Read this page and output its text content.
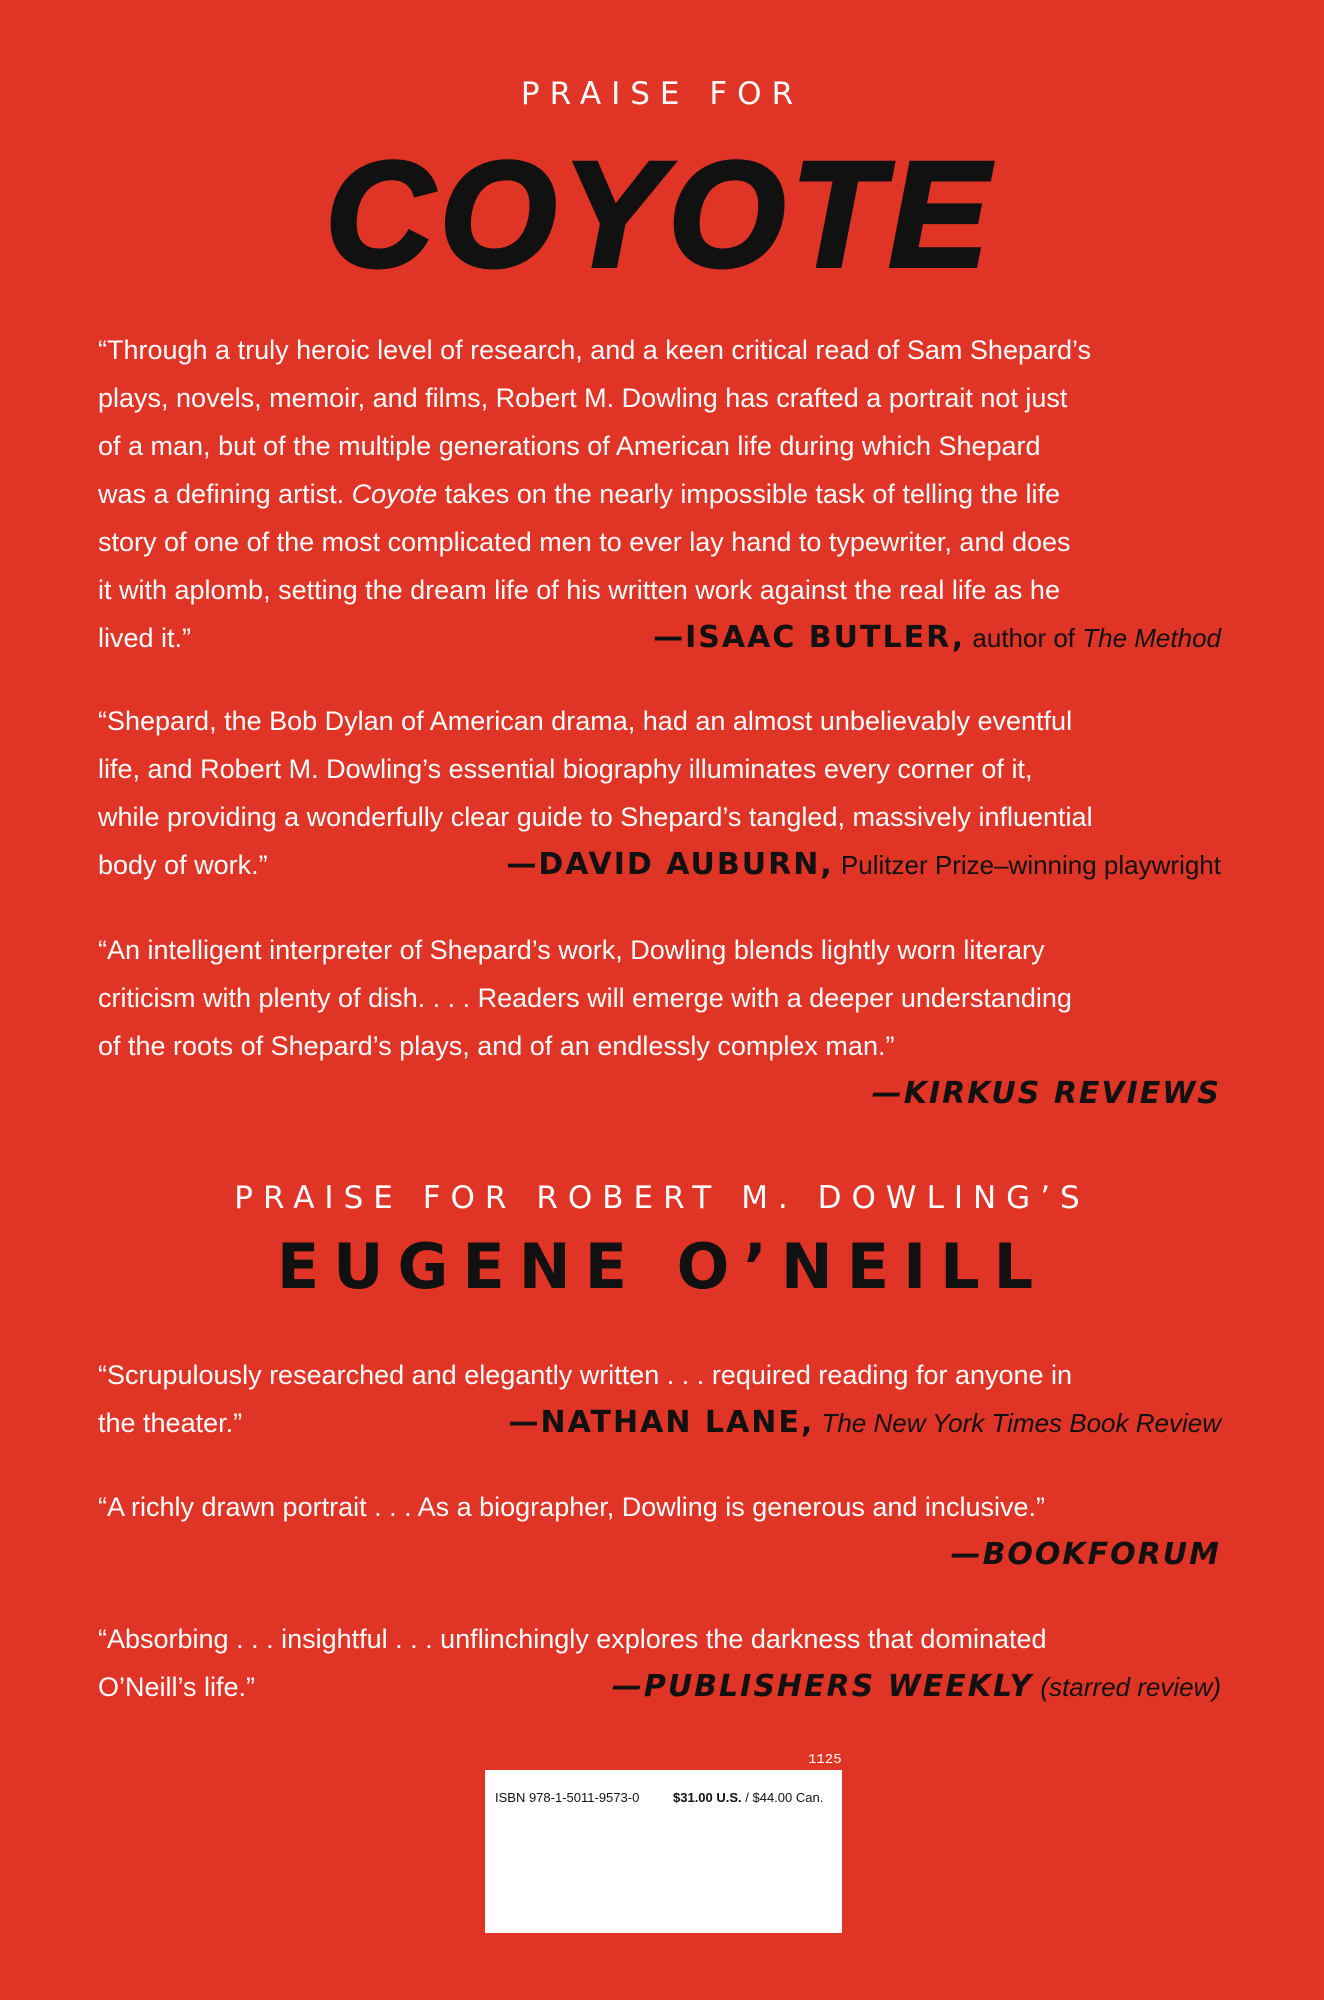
PRAISE FOR
COYOTE
“Through a truly heroic level of research, and a keen critical read of Sam Shepard’s
plays, novels, memoir, and films, Robert M. Dowling has crafted a portrait not just
of a man, but of the multiple generations of American life during which Shepard
was a defining artist. Coyote takes on the nearly impossible task of telling the life
story of one of the most complicated men to ever lay hand to typewriter, and does
it with aplomb, setting the dream life of his written work against the real life as he
lived it.”	—ISAAC BUTLER, author of The Method
“Shepard, the Bob Dylan of American drama, had an almost unbelievably eventful
life, and Robert M. Dowling’s essential biography illuminates every corner of it,
while providing a wonderfully clear guide to Shepard’s tangled, massively influential
body of work.”	—DAVID AUBURN, Pulitzer Prize–winning playwright
“An intelligent interpreter of Shepard’s work, Dowling blends lightly worn literary
criticism with plenty of dish. . . . Readers will emerge with a deeper understanding
of the roots of Shepard’s plays, and of an endlessly complex man.”
—KIRKUS REVIEWS
PRAISE FOR ROBERT M. DOWLING’S
EUGENE O’NEILL
“Scrupulously researched and elegantly written . . . required reading for anyone in
the theater.”	—NATHAN LANE, The New York Times Book Review
“A richly drawn portrait . . . As a biographer, Dowling is generous and inclusive.”
—BOOKFORUM
“Absorbing . . . insightful . . . unflinchingly explores the darkness that dominated
O’Neill’s life.”	—PUBLISHERS WEEKLY (starred review)
1125
ISBN 978-1-5011-9573-0	$31.00 U.S. / $44.00 Can.
